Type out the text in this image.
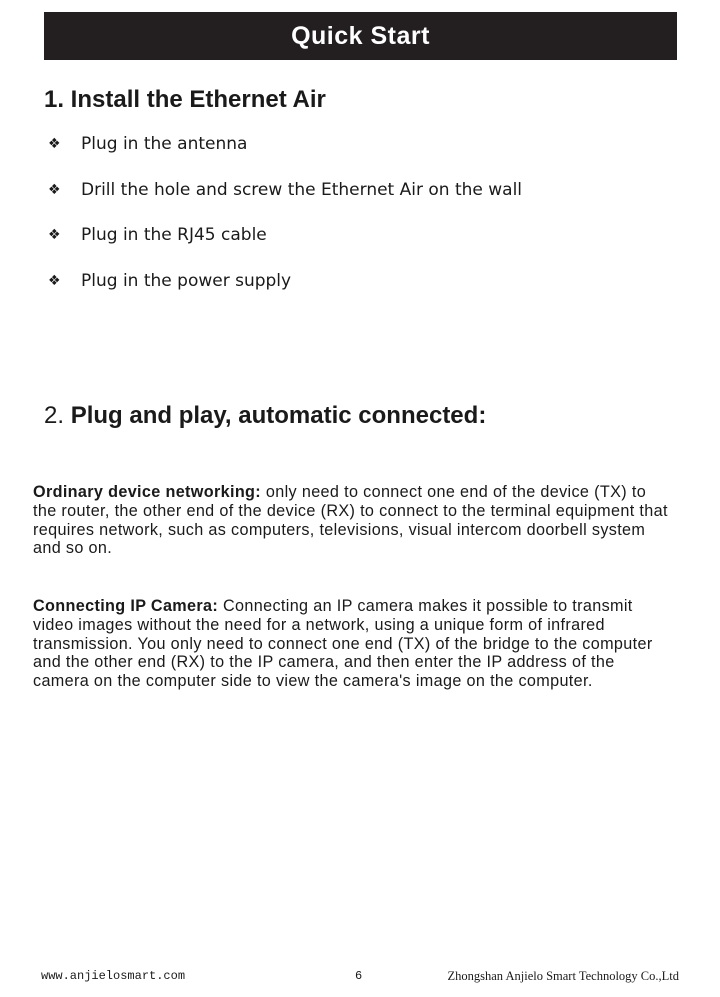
Quick Start
1. Install the Ethernet Air
❖	Plug in the antenna
❖	Drill the hole and screw the Ethernet Air on the wall
❖	Plug in the RJ45 cable
❖	Plug in the power supply
2. Plug and play, automatic connected:

Ordinary device networking: only need to connect one end of the device (TX) to the router, the other end of the device (RX) to connect to the terminal equipment that requires network, such as computers, televisions, visual intercom doorbell system and so on.

Connecting IP Camera: Connecting an IP camera makes it possible to transmit video images without the need for a network, using a unique form of infrared transmission. You only need to connect one end (TX) of the bridge to the computer and the other end (RX) to the IP camera, and then enter the IP address of the camera on the computer side to view the camera's image on the computer.

www.anjielosmart.com	6	Zhongshan Anjielo Smart Technology Co.,Ltd
